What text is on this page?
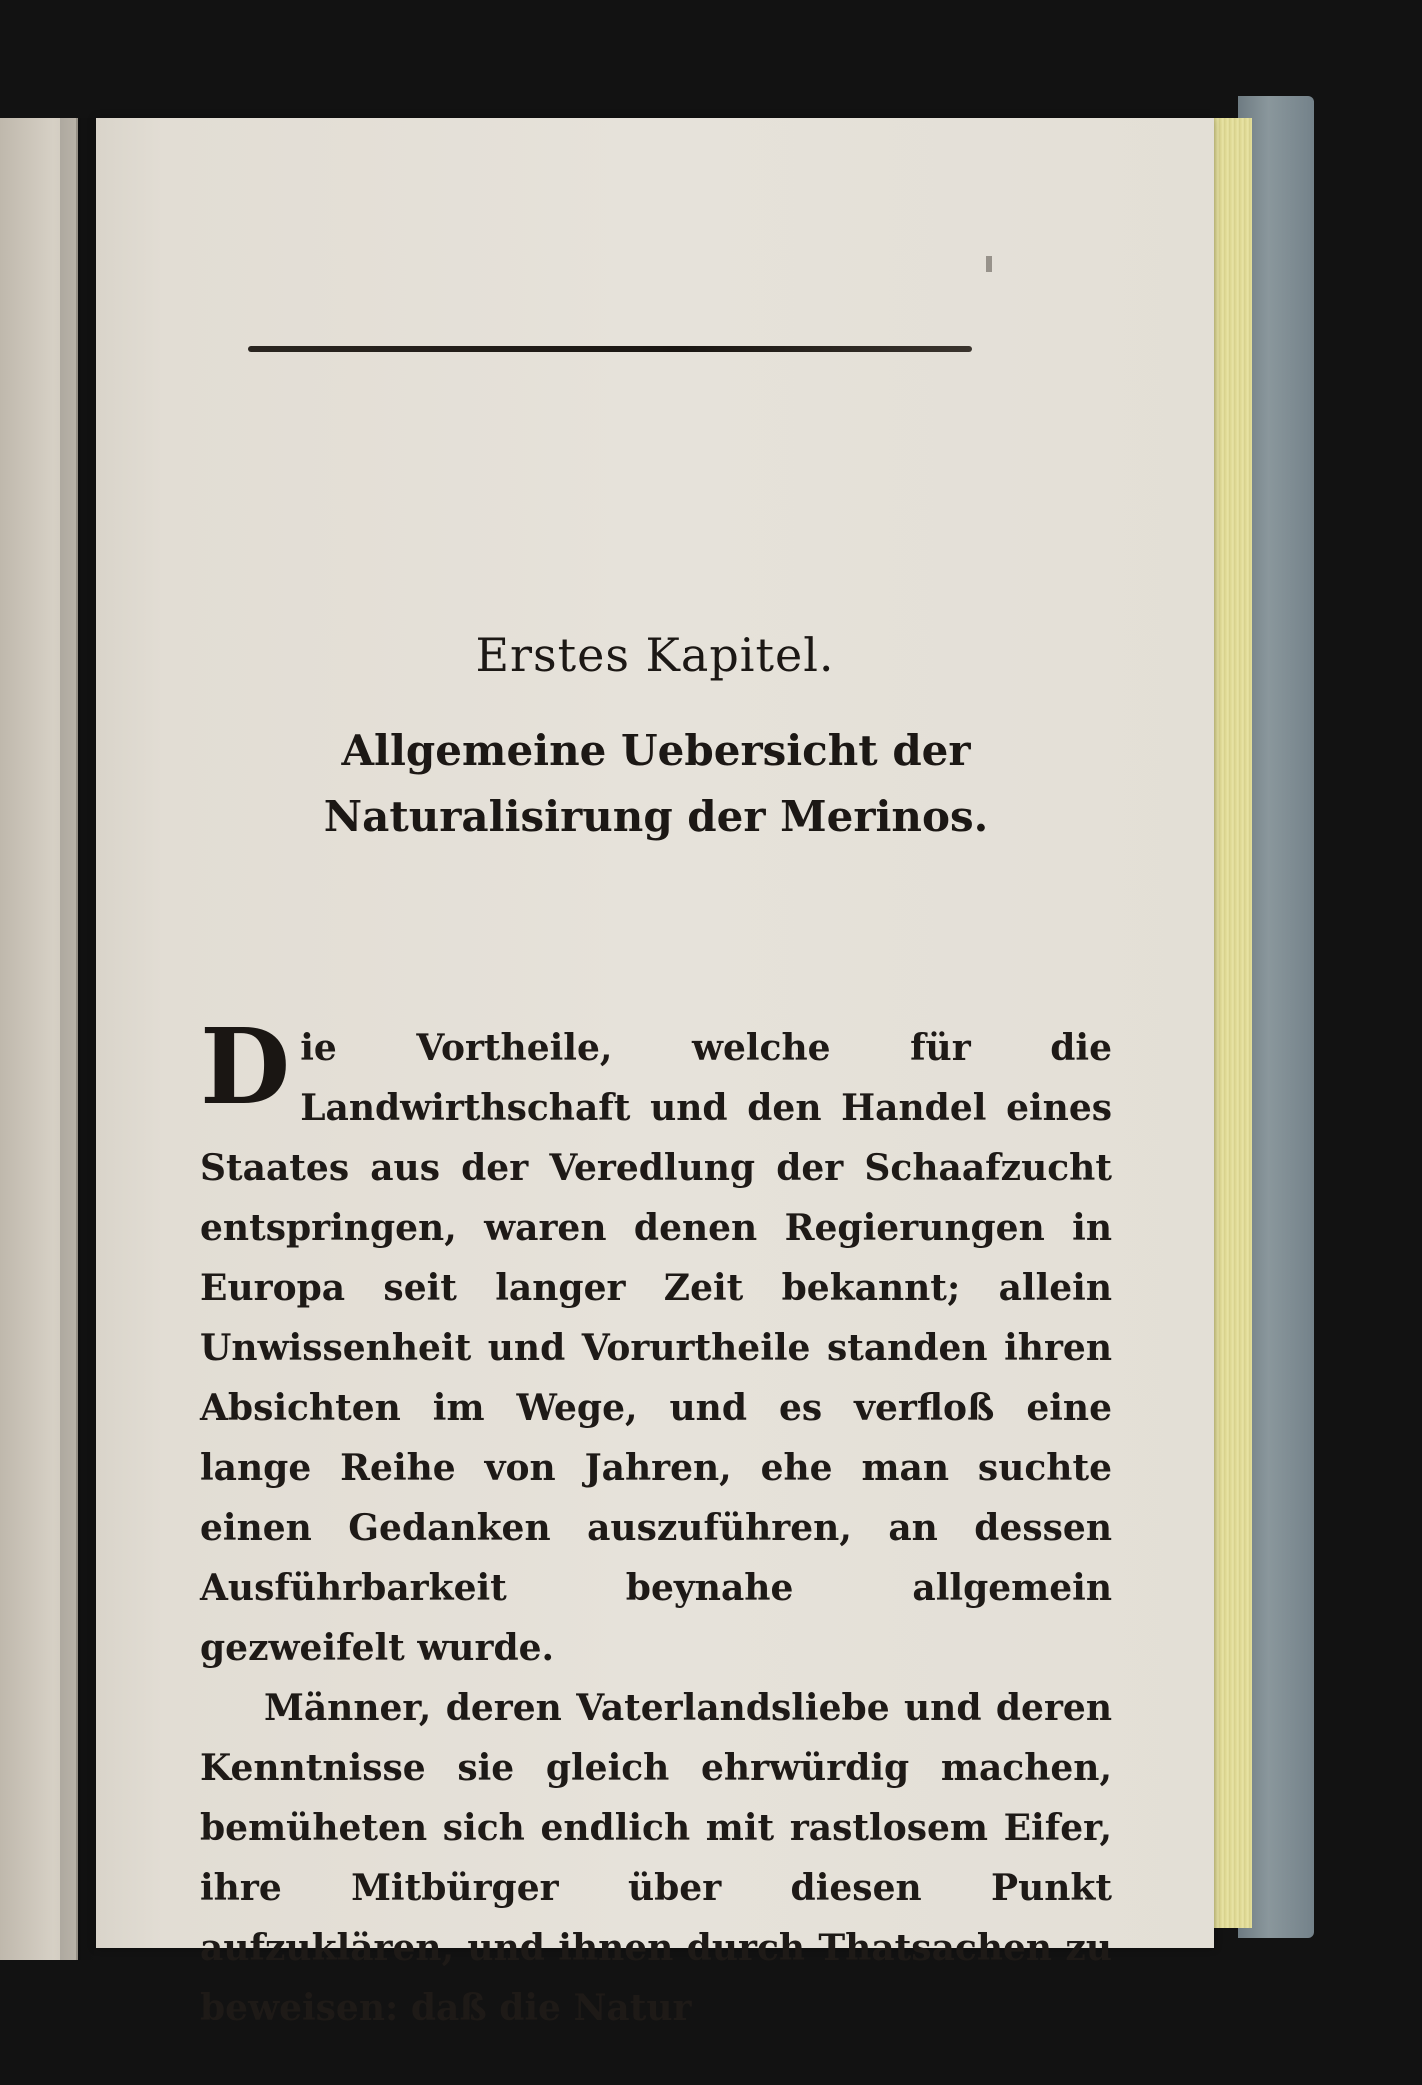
Erstes Kapitel.
Allgemeine Uebersicht der Naturalisirung der Merinos.

Die Vortheile, welche für die Landwirthschaft und den Handel eines Staates aus der Veredlung der Schaafzucht entspringen, waren denen Regierungen in Europa seit langer Zeit bekannt; allein Unwissenheit und Vorurtheile standen ihren Absichten im Wege, und es verfloß eine lange Reihe von Jahren, ehe man suchte einen Gedanken auszuführen, an dessen Ausführbarkeit beynahe allgemein gezweifelt wurde.

Männer, deren Vaterlandsliebe und deren Kenntnisse sie gleich ehrwürdig machen, bemüheten sich endlich mit rastlosem Eifer, ihre Mitbürger über diesen Punkt aufzuklären, und ihnen durch Thatsachen zu beweisen: daß die Natur
